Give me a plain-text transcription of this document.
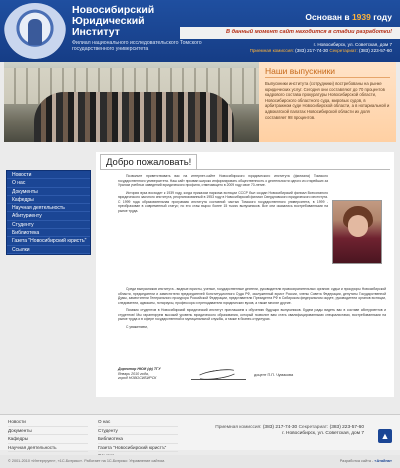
Новосибирский
Юридический
Институт
Филиал национального исследовательского Томского государственного университета
Основан в 1939 году
В данный момент сайт находится в стадии разработки!
г. Новосибирск, ул. Советская, дом 7
Приемная комиссия: (383) 217-74-30 Секретариат: (383) 223-57-60
Наши выпускники
Выпускники института (сотрудники) востребованы на рынке юридических услуг. Сегодня они составляют до 70 процентов кадрового состава прокуратуры Новосибирской области, Новосибирского областного суда, мировых судов, в арбитражном суде Новосибирской области, а в нотариальной и адвокатской палатах Новосибирской области их доля составляет 98 процентов.
Новости
О нас
Документы
Кафедры
Научная деятельность
Абитуриенту
Студенту
Библиотека
Газета "Новосибирский юристъ"
Ссылки
Добро пожаловать!

Позвольте приветствовать вас на интернет-сайте Новосибирского юридического института (филиала) Томского государственного университета. Наш сайт призван широко информировать общественность о деятельности одного из старейших за Уралом учебных заведений юридического профиля, отмечающего в 2009 году свое 70-летие.

История вуза восходит к 1939 году, когда приказом наркома юстиции СССР был создан Новосибирский филиал Всесоюзного юридического заочного института, реорганизованный в 1953 году в Новосибирский филиал Свердловского юридического института. С 1999 года образовательная программа института составной частью Томского государственного университета, в 1999 - преобразован в современный статус; но его стаж вырос более 15 тысяч выпускников. Все они оказались востребованными на рынке труда.

Среди выпускников института - видные юристы, ученые, государственные деятели, руководители правоохранительных органов: судьи и прокуроры Новосибирской области, председатели и заместители председателей Конституционного Суда РФ, заслуженный юрист России, члены Совета Федерации, депутаты Государственной Думы, заместители Генерального прокурора Российской Федерации, представители Президента РФ в Сибирском федеральном округе, руководители органов юстиции, следователи, адвокаты, нотариусы, профессора и преподаватели юридических вузов, а также многие другие.

Помимо студентов в Новосибирский юридический институт приглашаем к обучению будущих выпускников. Будем рады видеть вас в составе абитуриентов и студентов! Мы гарантируем высокий уровень юридического образования, который позволит вам стать квалифицированными специалистами, востребованными на рынке труда и в сфере государственной и муниципальной службы, а также в бизнес-структурах.

С уважением,

Директор НЮИ (ф) ТГУ
Январь 2010 года,
город НОВОСИБИРСК
доцент П.П. Чумакова
Новости
Документы
Кафедры
Научная деятельность
О нас
Студенту
Библиотека
Газета "Новосибирский юристъ"
Приемная комиссия: (383) 217-74-30 Секретариат: (383) 223-57-60
г. Новосибирск, ул. Советская, дом 7 ▲
© 2001-2010 «Интергрупп», «1С-Битрикс». Работает на 1С-Битрикс: Управление сайтом.	Разработка сайта - «Атайпа»
